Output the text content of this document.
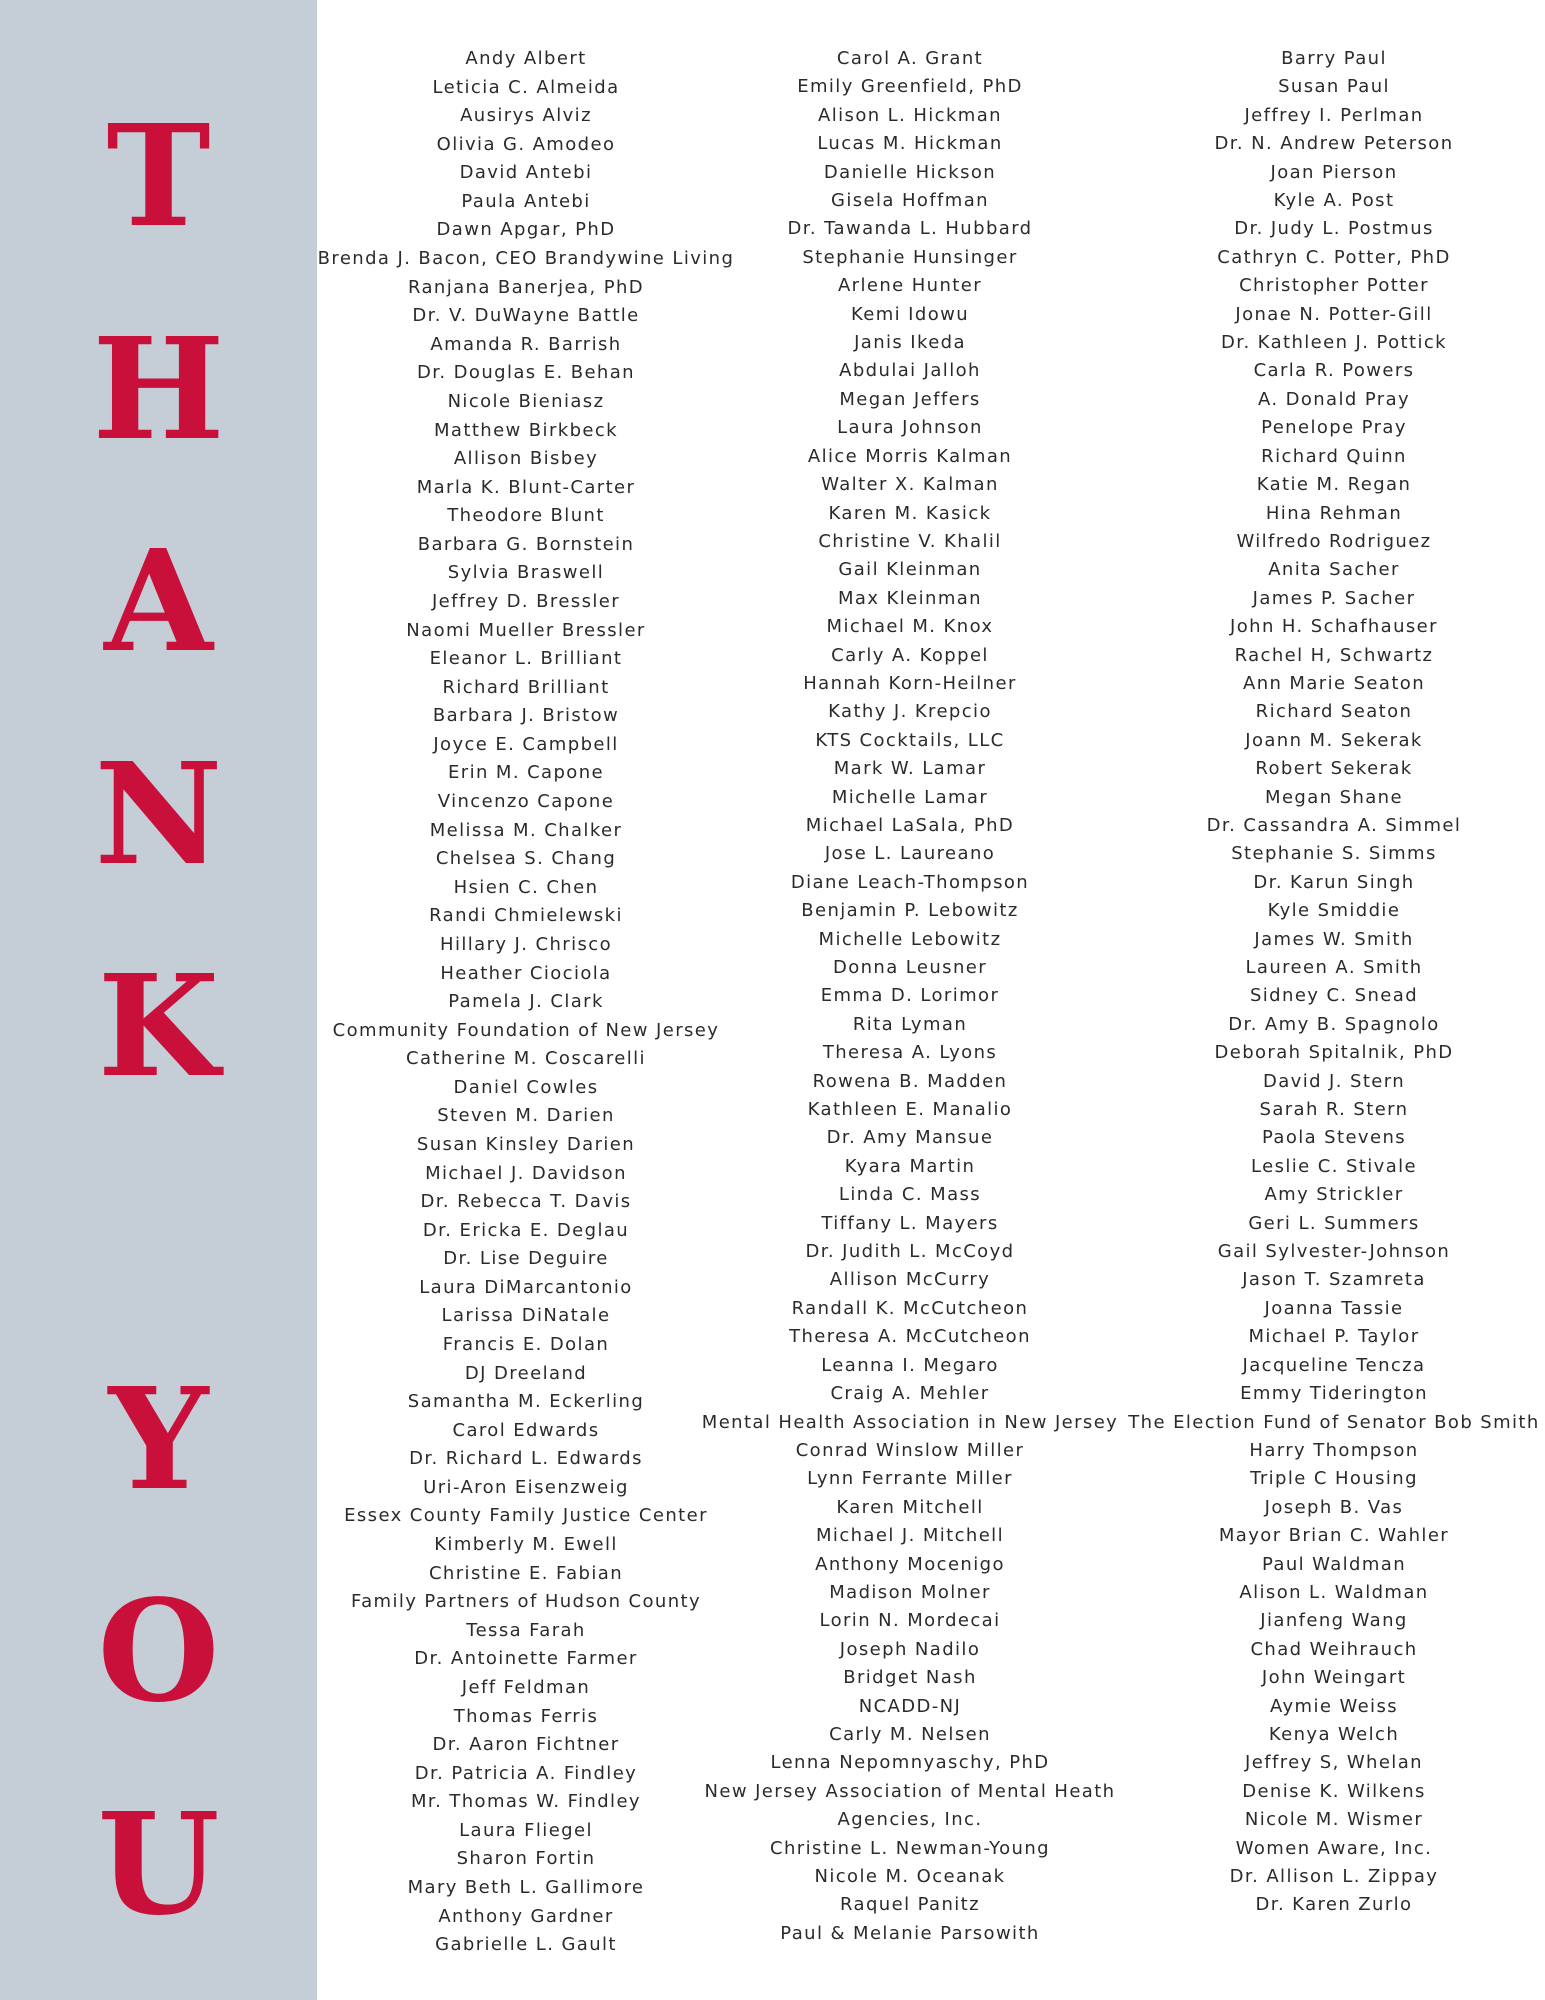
T
H
A
N
K
Y
O
U
Andy Albert
Leticia C. Almeida
Ausirys Alviz
Olivia G. Amodeo
David Antebi
Paula Antebi
Dawn Apgar, PhD
Brenda J. Bacon, CEO Brandywine Living
Ranjana Banerjea, PhD
Dr. V. DuWayne Battle
Amanda R. Barrish
Dr. Douglas E. Behan
Nicole Bieniasz
Matthew Birkbeck
Allison Bisbey
Marla K. Blunt-Carter
Theodore Blunt
Barbara G. Bornstein
Sylvia Braswell
Jeffrey D. Bressler
Naomi Mueller Bressler
Eleanor L. Brilliant
Richard Brilliant
Barbara J. Bristow
Joyce E. Campbell
Erin M. Capone
Vincenzo Capone
Melissa M. Chalker
Chelsea S. Chang
Hsien C. Chen
Randi Chmielewski
Hillary J. Chrisco
Heather Ciociola
Pamela J. Clark
Community Foundation of New Jersey
Catherine M. Coscarelli
Daniel Cowles
Steven M. Darien
Susan Kinsley Darien
Michael J. Davidson
Dr. Rebecca T. Davis
Dr. Ericka E. Deglau
Dr. Lise Deguire
Laura DiMarcantonio
Larissa DiNatale
Francis E. Dolan
DJ Dreeland
Samantha M. Eckerling
Carol Edwards
Dr. Richard L. Edwards
Uri-Aron Eisenzweig
Essex County Family Justice Center
Kimberly M. Ewell
Christine E. Fabian
Family Partners of Hudson County
Tessa Farah
Dr. Antoinette Farmer
Jeff Feldman
Thomas Ferris
Dr. Aaron Fichtner
Dr. Patricia A. Findley
Mr. Thomas W. Findley
Laura Fliegel
Sharon Fortin
Mary Beth L. Gallimore
Anthony Gardner
Gabrielle L. Gault
Carol A. Grant
Emily Greenfield, PhD
Alison L. Hickman
Lucas M. Hickman
Danielle Hickson
Gisela Hoffman
Dr. Tawanda L. Hubbard
Stephanie Hunsinger
Arlene Hunter
Kemi Idowu
Janis Ikeda
Abdulai Jalloh
Megan Jeffers
Laura Johnson
Alice Morris Kalman
Walter X. Kalman
Karen M. Kasick
Christine V. Khalil
Gail Kleinman
Max Kleinman
Michael M. Knox
Carly A. Koppel
Hannah Korn-Heilner
Kathy J. Krepcio
KTS Cocktails, LLC
Mark W. Lamar
Michelle Lamar
Michael LaSala, PhD
Jose L. Laureano
Diane Leach-Thompson
Benjamin P. Lebowitz
Michelle Lebowitz
Donna Leusner
Emma D. Lorimor
Rita Lyman
Theresa A. Lyons
Rowena B. Madden
Kathleen E. Manalio
Dr. Amy Mansue
Kyara Martin
Linda C. Mass
Tiffany L. Mayers
Dr. Judith L. McCoyd
Allison McCurry
Randall K. McCutcheon
Theresa A. McCutcheon
Leanna I. Megaro
Craig A. Mehler
Mental Health Association in New Jersey
Conrad Winslow Miller
Lynn Ferrante Miller
Karen Mitchell
Michael J. Mitchell
Anthony Mocenigo
Madison Molner
Lorin N. Mordecai
Joseph Nadilo
Bridget Nash
NCADD-NJ
Carly M. Nelsen
Lenna Nepomnyaschy, PhD
New Jersey Association of Mental Heath
Agencies, Inc.
Christine L. Newman-Young
Nicole M. Oceanak
Raquel Panitz
Paul & Melanie Parsowith
Barry Paul
Susan Paul
Jeffrey I. Perlman
Dr. N. Andrew Peterson
Joan Pierson
Kyle A. Post
Dr. Judy L. Postmus
Cathryn C. Potter, PhD
Christopher Potter
Jonae N. Potter-Gill
Dr. Kathleen J. Pottick
Carla R. Powers
A. Donald Pray
Penelope Pray
Richard Quinn
Katie M. Regan
Hina Rehman
Wilfredo Rodriguez
Anita Sacher
James P. Sacher
John H. Schafhauser
Rachel H, Schwartz
Ann Marie Seaton
Richard Seaton
Joann M. Sekerak
Robert Sekerak
Megan Shane
Dr. Cassandra A. Simmel
Stephanie S. Simms
Dr. Karun Singh
Kyle Smiddie
James W. Smith
Laureen A. Smith
Sidney C. Snead
Dr. Amy B. Spagnolo
Deborah Spitalnik, PhD
David J. Stern
Sarah R. Stern
Paola Stevens
Leslie C. Stivale
Amy Strickler
Geri L. Summers
Gail Sylvester-Johnson
Jason T. Szamreta
Joanna Tassie
Michael P. Taylor
Jacqueline Tencza
Emmy Tiderington
The Election Fund of Senator Bob Smith
Harry Thompson
Triple C Housing
Joseph B. Vas
Mayor Brian C. Wahler
Paul Waldman
Alison L. Waldman
Jianfeng Wang
Chad Weihrauch
John Weingart
Aymie Weiss
Kenya Welch
Jeffrey S, Whelan
Denise K. Wilkens
Nicole M. Wismer
Women Aware, Inc.
Dr. Allison L. Zippay
Dr. Karen Zurlo
